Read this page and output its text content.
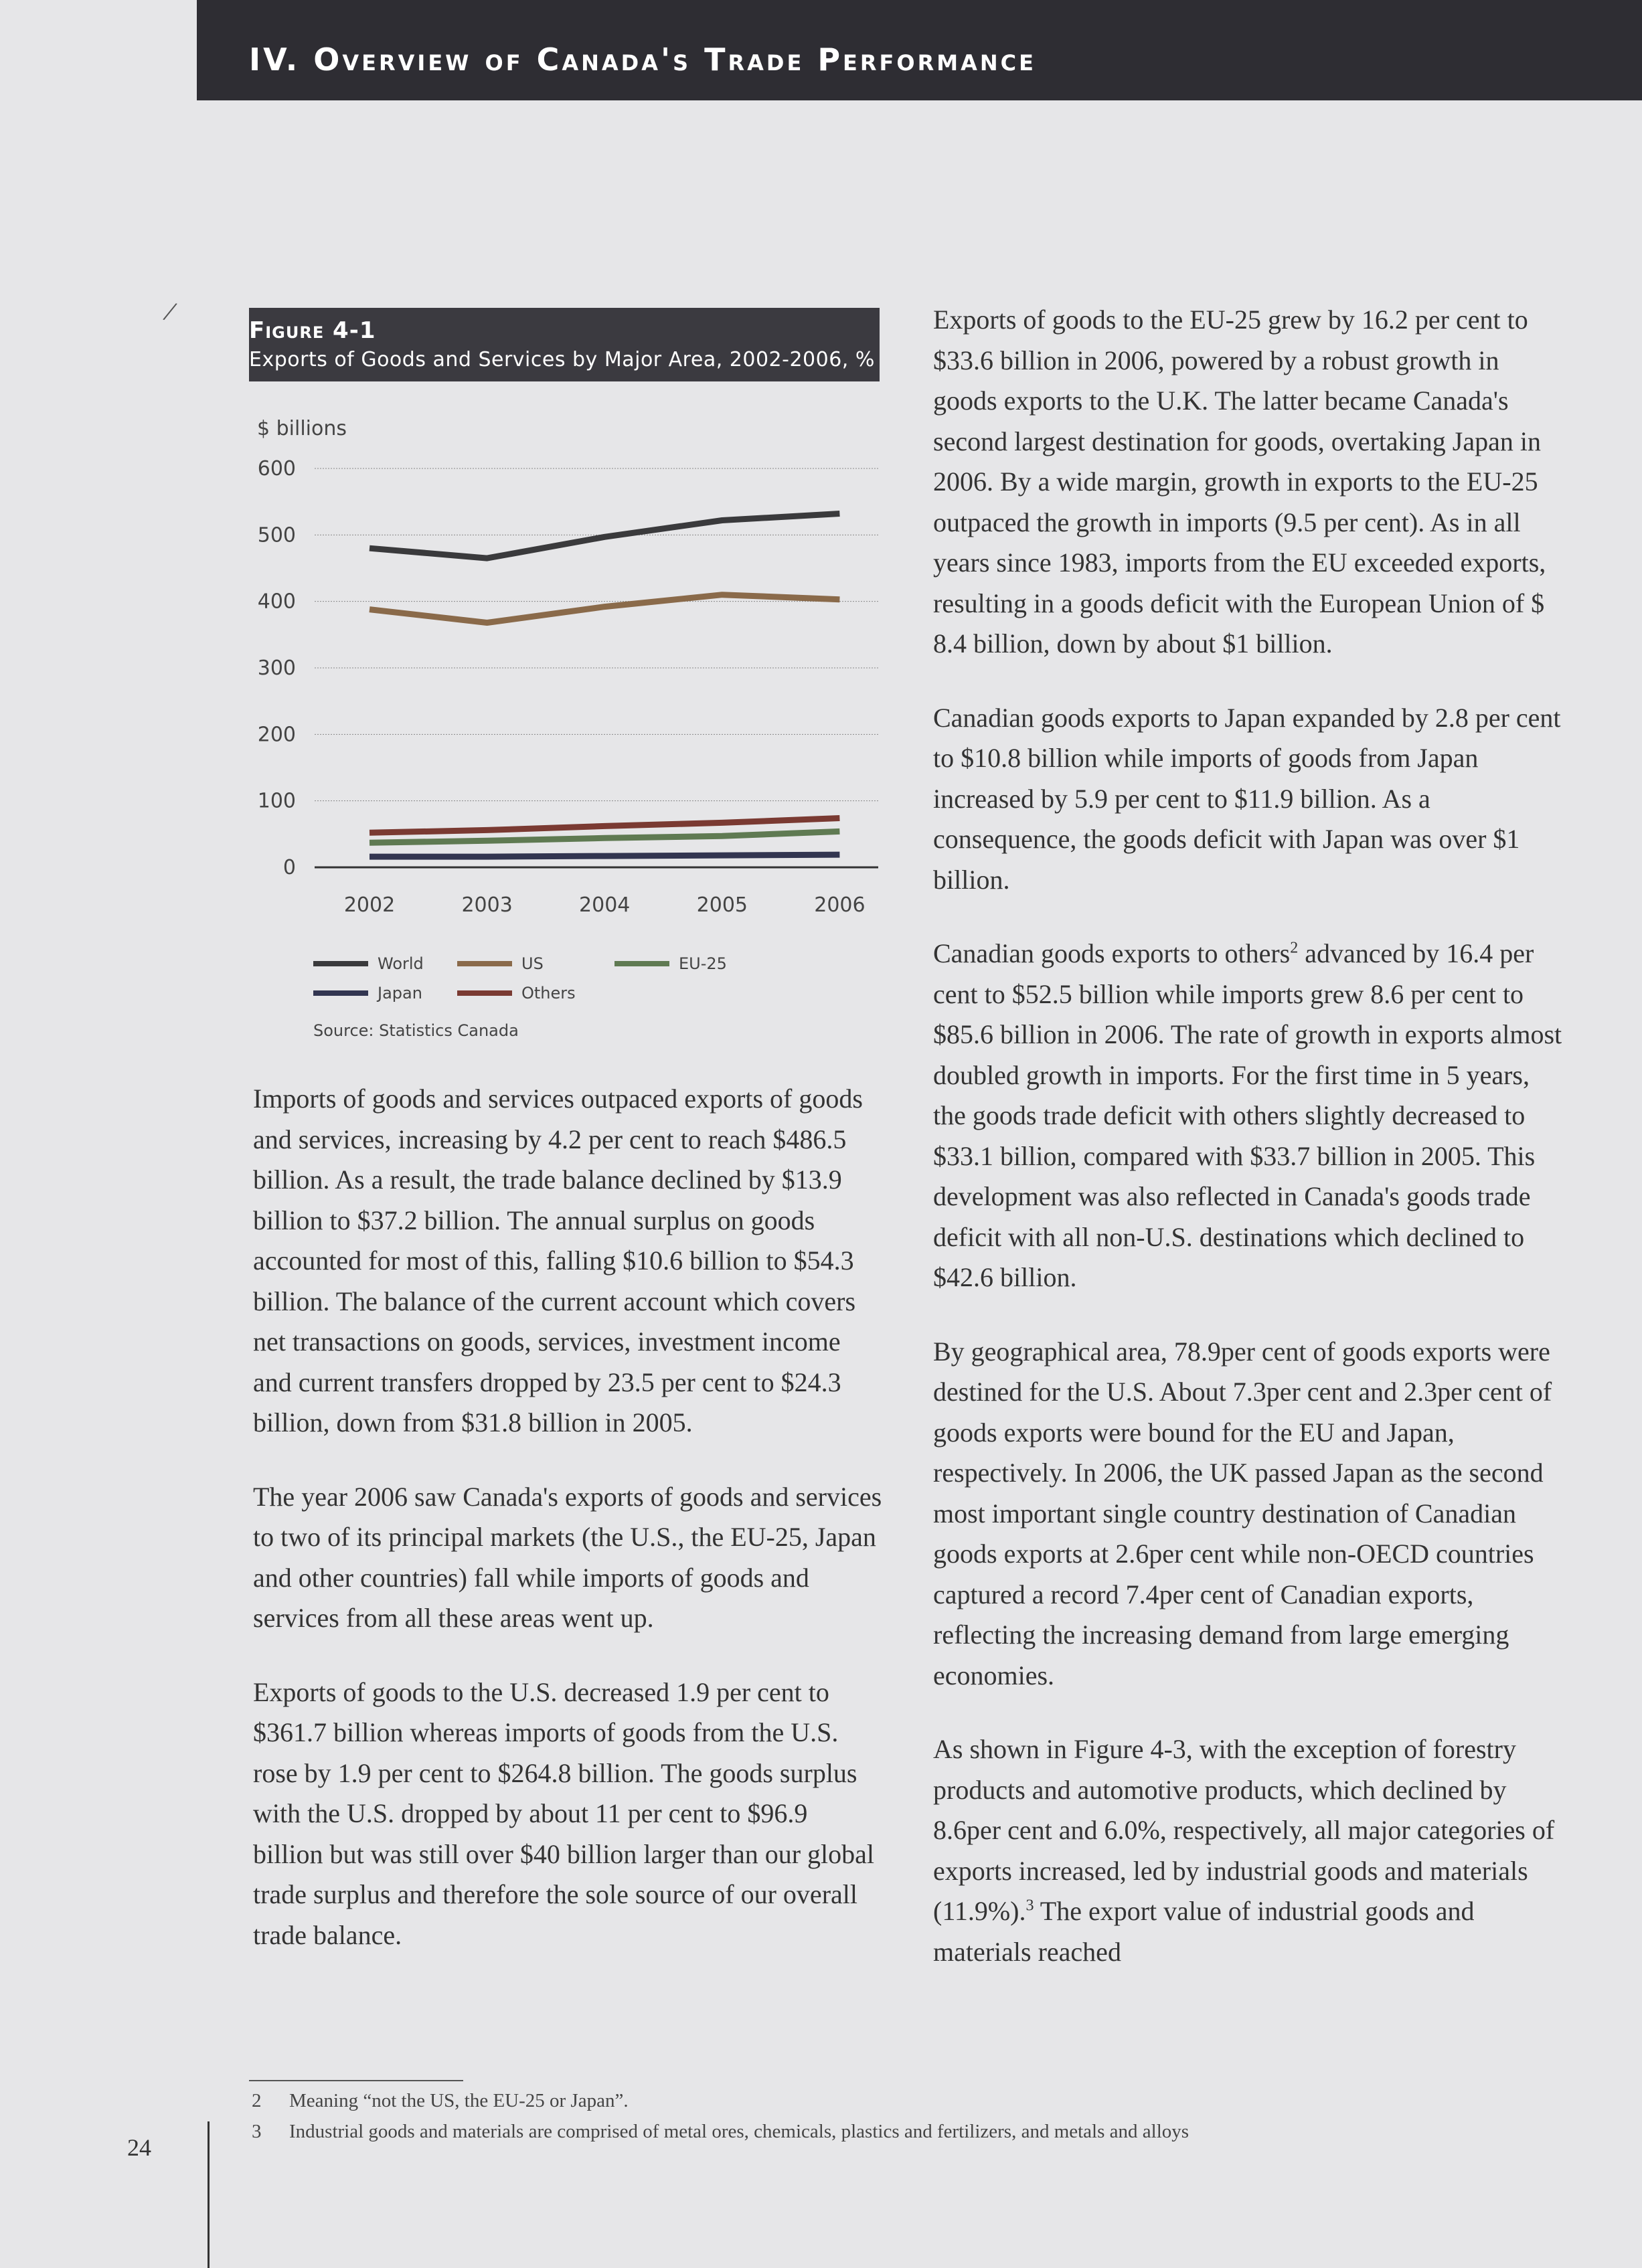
IV. Overview of Canada's Trade Performance
/
Figure 4-1
Exports of Goods and Services by Major Area, 2002-2006, %
$ billions
0
100
200
300
400
500
600
2002	2003	2004	2005	2006
World	US	EU-25
Japan	Others
Source: Statistics Canada

Imports of goods and services outpaced exports of goods and services, increasing by 4.2 per cent to reach $486.5 billion. As a result, the trade balance declined by $13.9 billion to $37.2 billion. The annual surplus on goods accounted for most of this, falling $10.6 billion to $54.3 billion. The balance of the current account which covers net transactions on goods, services, investment income and current transfers dropped by 23.5 per cent to $24.3 billion, down from $31.8 billion in 2005.

The year 2006 saw Canada's exports of goods and services to two of its principal markets (the U.S., the EU-25, Japan and other countries) fall while imports of goods and services from all these areas went up.

Exports of goods to the U.S. decreased 1.9 per cent to $361.7 billion whereas imports of goods from the U.S. rose by 1.9 per cent to $264.8 billion. The goods surplus with the U.S. dropped by about 11 per cent to $96.9 billion but was still over $40 billion larger than our global trade surplus and therefore the sole source of our overall trade balance.

Exports of goods to the EU-25 grew by 16.2 per cent to $33.6 billion in 2006, powered by a robust growth in goods exports to the U.K. The latter became Canada's second largest destination for goods, overtaking Japan in 2006. By a wide margin, growth in exports to the EU-25 outpaced the growth in imports (9.5 per cent). As in all years since 1983, imports from the EU exceeded exports, resulting in a goods deficit with the European Union of $ 8.4 billion, down by about $1 billion.

Canadian goods exports to Japan expanded by 2.8 per cent to $10.8 billion while imports of goods from Japan increased by 5.9 per cent to $11.9 billion. As a consequence, the goods deficit with Japan was over $1 billion.

Canadian goods exports to others$^2$ advanced by 16.4 per cent to $52.5 billion while imports grew 8.6 per cent to $85.6 billion in 2006. The rate of growth in exports almost doubled growth in imports. For the first time in 5 years, the goods trade deficit with others slightly decreased to $33.1 billion, compared with $33.7 billion in 2005. This development was also reflected in Canada's goods trade deficit with all non-U.S. destinations which declined to $42.6 billion.

By geographical area, 78.9per cent of goods exports were destined for the U.S. About 7.3per cent and 2.3per cent of goods exports were bound for the EU and Japan, respectively. In 2006, the UK passed Japan as the second most important single country destination of Canadian goods exports at 2.6per cent while non-OECD countries captured a record 7.4per cent of Canadian exports, reflecting the increasing demand from large emerging economies.

As shown in Figure 4-3, with the exception of forestry products and automotive products, which declined by 8.6per cent and 6.0%, respectively, all major categories of exports increased, led by industrial goods and materials (11.9%).$^3$ The export value of industrial goods and materials reached

2 Meaning “not the US, the EU-25 or Japan”.
3 Industrial goods and materials are comprised of metal ores, chemicals, plastics and fertilizers, and metals and alloys
24
